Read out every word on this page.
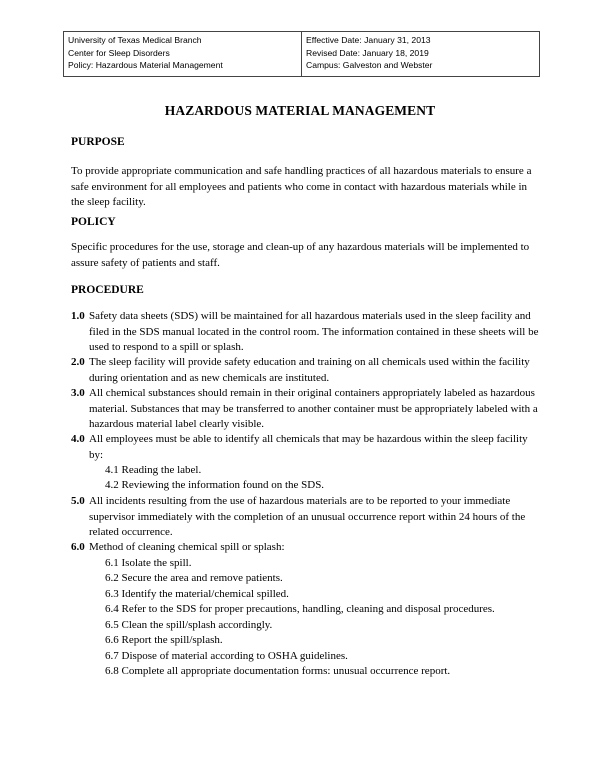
University of Texas Medical Branch
Center for Sleep Disorders
Policy: Hazardous Material Management
Effective Date: January 31, 2013
Revised Date: January 18, 2019
Campus: Galveston and Webster
HAZARDOUS MATERIAL MANAGEMENT
PURPOSE
To provide appropriate communication and safe handling practices of all hazardous materials to ensure a safe environment for all employees and patients who come in contact with hazardous materials while in the sleep facility.
POLICY
Specific procedures for the use, storage and clean-up of any hazardous materials will be implemented to assure safety of patients and staff.
PROCEDURE
1.0 Safety data sheets (SDS) will be maintained for all hazardous materials used in the sleep facility and filed in the SDS manual located in the control room. The information contained in these sheets will be used to respond to a spill or splash.
2.0 The sleep facility will provide safety education and training on all chemicals used within the facility during orientation and as new chemicals are instituted.
3.0 All chemical substances should remain in their original containers appropriately labeled as hazardous material. Substances that may be transferred to another container must be appropriately labeled with a hazardous material label clearly visible.
4.0 All employees must be able to identify all chemicals that may be hazardous within the sleep facility by:
4.1 Reading the label.
4.2 Reviewing the information found on the SDS.
5.0 All incidents resulting from the use of hazardous materials are to be reported to your immediate supervisor immediately with the completion of an unusual occurrence report within 24 hours of the related occurrence.
6.0 Method of cleaning chemical spill or splash:
6.1 Isolate the spill.
6.2 Secure the area and remove patients.
6.3 Identify the material/chemical spilled.
6.4 Refer to the SDS for proper precautions, handling, cleaning and disposal procedures.
6.5 Clean the spill/splash accordingly.
6.6 Report the spill/splash.
6.7 Dispose of material according to OSHA guidelines.
6.8 Complete all appropriate documentation forms: unusual occurrence report.
